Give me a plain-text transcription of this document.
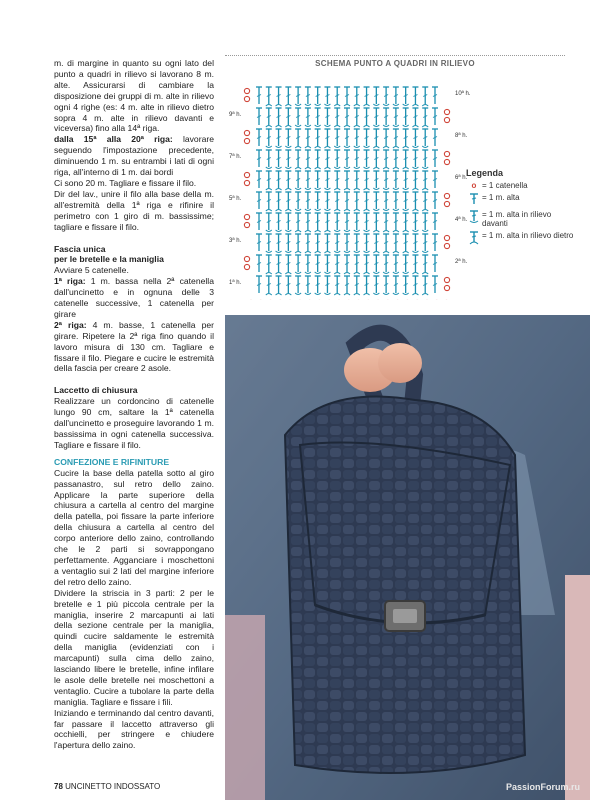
m. di margine in quanto su ogni lato del punto a quadri in rilievo si lavorano 8 m. alte. Assicurarsi di cambiare la disposizione dei gruppi di m. alte in rilievo ogni 4 righe (es: 4 m. alte in rilievo dietro sopra 4 m. alte in rilievo davanti e viceversa) fino alla 14ª riga.

dalla 15ª alla 20ª riga: lavorare seguendo l'impostazione precedente, diminuendo 1 m. su entrambi i lati di ogni riga, all'interno di 1 m. dai bordi

Ci sono 20 m. Tagliare e fissare il filo.

Dir del lav., unire il filo alla base della m. all'estremità della 1ª riga e rifinire il perimetro con 1 giro di m. bassissime; tagliare e fissare il filo.

Fascia unica

per le bretelle e la maniglia

Avviare 5 catenelle.

1ª riga: 1 m. bassa nella 2ª catenella dall'uncinetto e in ognuna delle 3 catenelle successive, 1 catenella per girare

2ª riga: 4 m. basse, 1 catenella per girare. Ripetere la 2ª riga fino quando il lavoro misura di 130 cm. Tagliare e fissare il filo. Piegare e cucire le estremità della fascia per creare 2 asole.

Laccetto di chiusura

Realizzare un cordoncino di catenelle lungo 90 cm, saltare la 1ª catenella dall'uncinetto e proseguire lavorando 1 m. bassissima in ogni catenella successiva. Tagliare e fissare il filo.

CONFEZIONE E RIFINITURE

Cucire la base della patella sotto al giro passanastro, sul retro dello zaino. Applicare la parte superiore della chiusura a cartella al centro del margine della patella, poi fissare la parte inferiore della chiusura a cartella al centro del corpo anteriore dello zaino, controllando che le 2 parti si sovrappongano perfettamente. Agganciare i moschettoni a ventaglio sui 2 lati del margine inferiore del retro dello zaino.

Dividere la striscia in 3 parti: 2 per le bretelle e 1 più piccola centrale per la maniglia, inserire 2 marcapunti ai lati della sezione centrale per la maniglia, quindi cucire saldamente le estremità della maniglia (evidenziati con i marcapunti) sulla cima dello zaino, lasciando libere le bretelle, infine infilare le asole delle bretelle nei moschettoni a ventaglio. Cucire a tubolare la parte della maniglia. Tagliare e fissare i fili.

Iniziando e terminando dal centro davanti, far passare il laccetto attraverso gli occhielli, per stringere e chiudere l'apertura dello zaino.

SCHEMA PUNTO A QUADRI IN RILIEVO
10ª h.
8ª h.
6ª h.
4ª h.
2ª h.
9ª h.
7ª h.
5ª h.
3ª h.
1ª h.
Legenda
o = 1 catenella
= 1 m. alta
= 1 m. alta in rilievo davanti
= 1 m. alta in rilievo dietro
78 UNCINETTO INDOSSATO	PassionForum.ru
